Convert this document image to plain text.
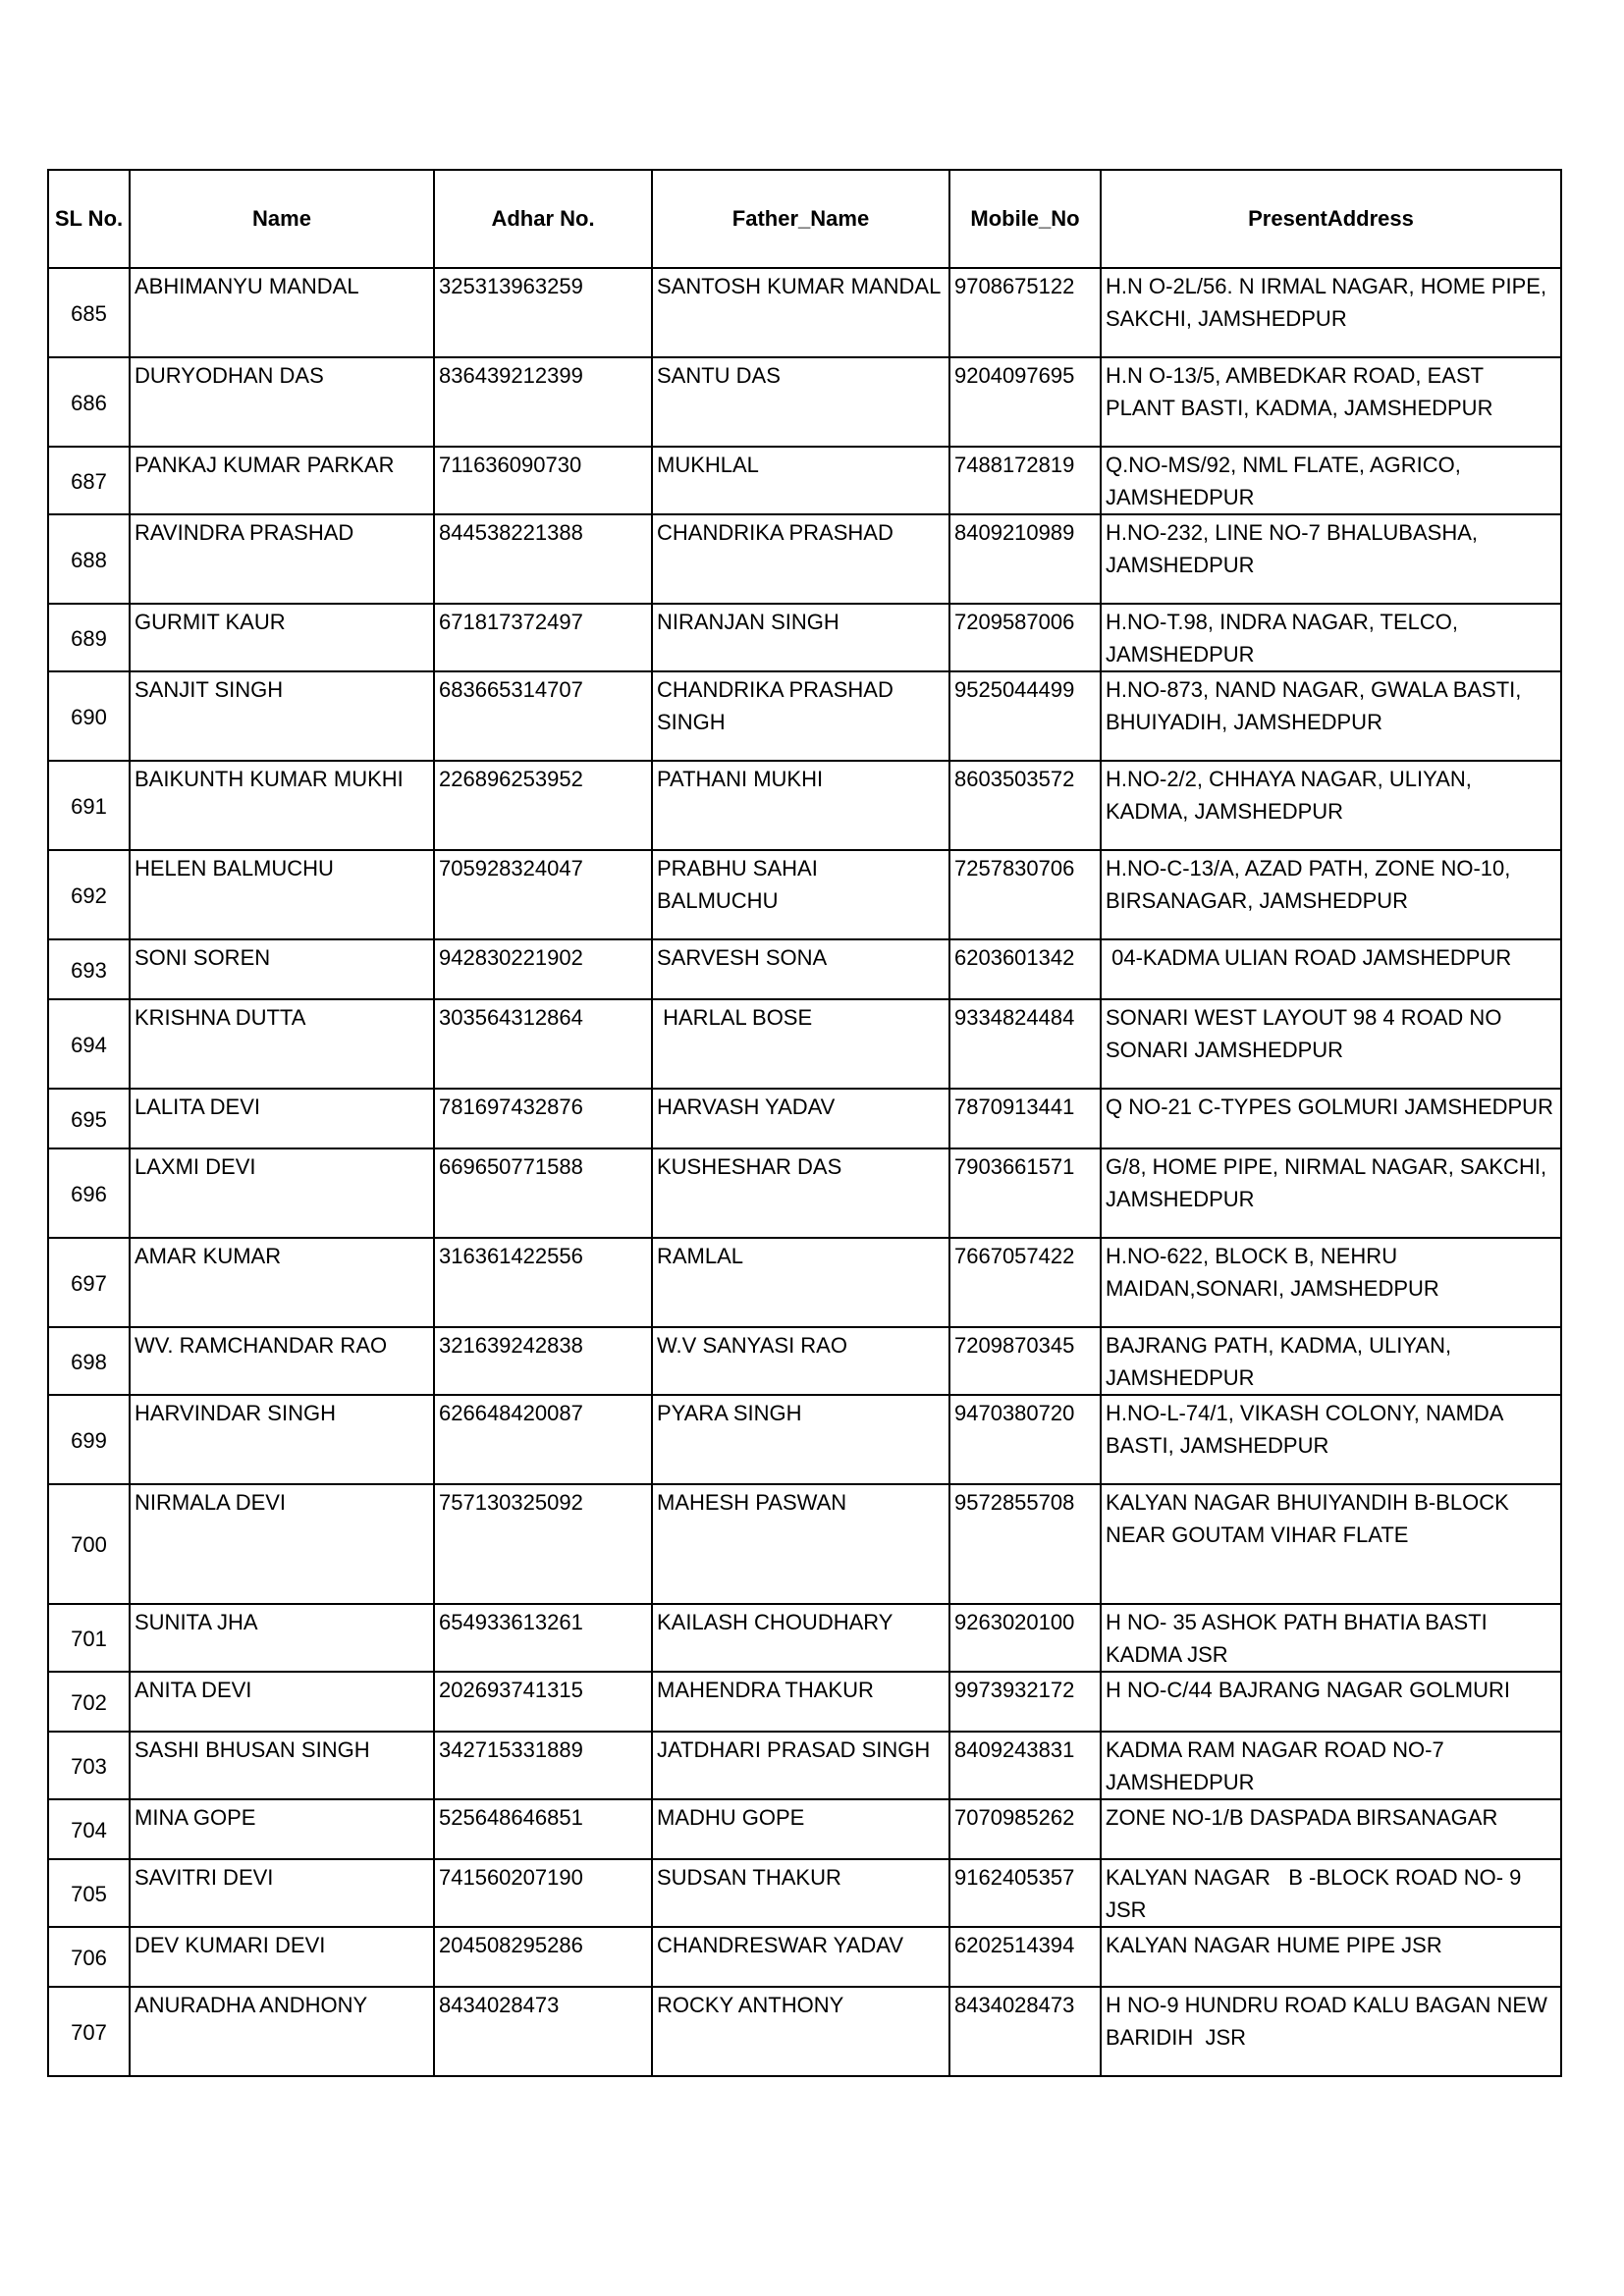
SL No.	Name	Adhar No.	Father_Name	Mobile_No	PresentAddress
685	ABHIMANYU MANDAL	325313963259	SANTOSH KUMAR MANDAL	9708675122	H.N O-2L/56. N IRMAL NAGAR, HOME PIPE, SAKCHI, JAMSHEDPUR
686	DURYODHAN DAS	836439212399	SANTU DAS	9204097695	H.N O-13/5, AMBEDKAR ROAD, EAST PLANT BASTI, KADMA, JAMSHEDPUR
687	PANKAJ KUMAR PARKAR	711636090730	MUKHLAL	7488172819	Q.NO-MS/92, NML FLATE, AGRICO, JAMSHEDPUR
688	RAVINDRA PRASHAD	844538221388	CHANDRIKA PRASHAD	8409210989	H.NO-232, LINE NO-7 BHALUBASHA, JAMSHEDPUR
689	GURMIT KAUR	671817372497	NIRANJAN SINGH	7209587006	H.NO-T.98, INDRA NAGAR, TELCO, JAMSHEDPUR
690	SANJIT SINGH	683665314707	CHANDRIKA PRASHAD SINGH	9525044499	H.NO-873, NAND NAGAR, GWALA BASTI, BHUIYADIH, JAMSHEDPUR
691	BAIKUNTH KUMAR MUKHI	226896253952	PATHANI MUKHI	8603503572	H.NO-2/2, CHHAYA NAGAR, ULIYAN, KADMA, JAMSHEDPUR
692	HELEN BALMUCHU	705928324047	PRABHU SAHAI BALMUCHU	7257830706	H.NO-C-13/A, AZAD PATH, ZONE NO-10, BIRSANAGAR, JAMSHEDPUR
693	SONI SOREN	942830221902	SARVESH SONA	6203601342	04-KADMA ULIAN ROAD JAMSHEDPUR
694	KRISHNA DUTTA	303564312864	HARLAL BOSE	9334824484	SONARI WEST LAYOUT 98 4 ROAD NO SONARI JAMSHEDPUR
695	LALITA DEVI	781697432876	HARVASH YADAV	7870913441	Q NO-21 C-TYPES GOLMURI JAMSHEDPUR
696	LAXMI DEVI	669650771588	KUSHESHAR DAS	7903661571	G/8, HOME PIPE, NIRMAL NAGAR, SAKCHI, JAMSHEDPUR
697	AMAR KUMAR	316361422556	RAMLAL	7667057422	H.NO-622, BLOCK B, NEHRU MAIDAN,SONARI, JAMSHEDPUR
698	WV. RAMCHANDAR RAO	321639242838	W.V SANYASI RAO	7209870345	BAJRANG PATH, KADMA, ULIYAN, JAMSHEDPUR
699	HARVINDAR SINGH	626648420087	PYARA SINGH	9470380720	H.NO-L-74/1, VIKASH COLONY, NAMDA BASTI, JAMSHEDPUR
700	NIRMALA DEVI	757130325092	MAHESH PASWAN	9572855708	KALYAN NAGAR BHUIYANDIH B-BLOCK NEAR GOUTAM VIHAR FLATE
701	SUNITA JHA	654933613261	KAILASH CHOUDHARY	9263020100	H NO- 35 ASHOK PATH BHATIA BASTI KADMA JSR
702	ANITA DEVI	202693741315	MAHENDRA THAKUR	9973932172	H NO-C/44 BAJRANG NAGAR GOLMURI
703	SASHI BHUSAN SINGH	342715331889	JATDHARI PRASAD SINGH	8409243831	KADMA RAM NAGAR ROAD NO-7 JAMSHEDPUR
704	MINA GOPE	525648646851	MADHU GOPE	7070985262	ZONE NO-1/B DASPADA BIRSANAGAR
705	SAVITRI DEVI	741560207190	SUDSAN THAKUR	9162405357	KALYAN NAGAR   B -BLOCK ROAD NO- 9 JSR
706	DEV KUMARI DEVI	204508295286	CHANDRESWAR YADAV	6202514394	KALYAN NAGAR HUME PIPE JSR
707	ANURADHA ANDHONY	8434028473	ROCKY ANTHONY	8434028473	H NO-9 HUNDRU ROAD KALU BAGAN NEW BARIDIH  JSR
